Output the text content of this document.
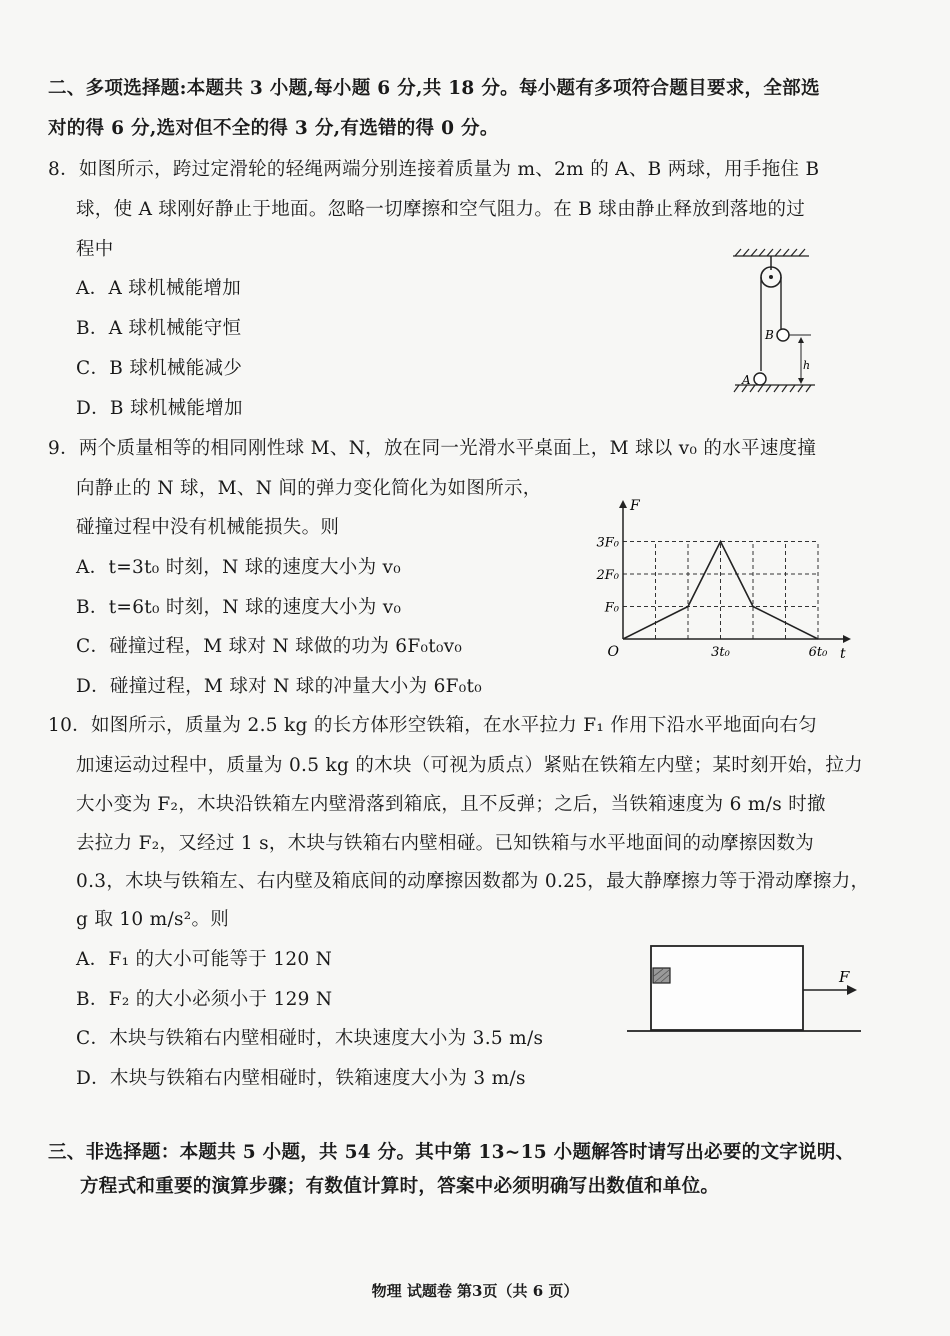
二、多项选择题:本题共 3 小题,每小题 6 分,共 18 分。每小题有多项符合题目要求，全部选
对的得 6 分,选对但不全的得 3 分,有选错的得 0 分。
8．如图所示，跨过定滑轮的轻绳两端分别连接着质量为 m、2m 的 A、B 两球，用手拖住 B
球，使 A 球刚好静止于地面。忽略一切摩擦和空气阻力。在 B 球由静止释放到落地的过
程中
A．A 球机械能增加
B．A 球机械能守恒
C．B 球机械能减少
D．B 球机械能增加
B
h
A
9．两个质量相等的相同刚性球 M、N，放在同一光滑水平桌面上，M 球以 v₀ 的水平速度撞
向静止的 N 球，M、N 间的弹力变化简化为如图所示，
碰撞过程中没有机械能损失。则
A．t=3t₀ 时刻，N 球的速度大小为 v₀
B．t=6t₀ 时刻，N 球的速度大小为 v₀
C．碰撞过程，M 球对 N 球做的功为 6F₀t₀v₀
D．碰撞过程，M 球对 N 球的冲量大小为 6F₀t₀
F
t
O
F₀
2F₀
3F₀
3t₀	6t₀
10．如图所示，质量为 2.5 kg 的长方体形空铁箱，在水平拉力 F₁ 作用下沿水平地面向右匀
加速运动过程中，质量为 0.5 kg 的木块（可视为质点）紧贴在铁箱左内壁；某时刻开始，拉力
大小变为 F₂，木块沿铁箱左内壁滑落到箱底，且不反弹；之后，当铁箱速度为 6 m/s 时撤
去拉力 F₂，又经过 1 s，木块与铁箱右内壁相碰。已知铁箱与水平地面间的动摩擦因数为
0.3，木块与铁箱左、右内壁及箱底间的动摩擦因数都为 0.25，最大静摩擦力等于滑动摩擦力，
g 取 10 m/s²。则
A．F₁ 的大小可能等于 120 N
B．F₂ 的大小必须小于 129 N
C．木块与铁箱右内壁相碰时，木块速度大小为 3.5 m/s
D．木块与铁箱右内壁相碰时，铁箱速度大小为 3 m/s
F
三、非选择题：本题共 5 小题，共 54 分。其中第 13~15 小题解答时请写出必要的文字说明、
方程式和重要的演算步骤；有数值计算时，答案中必须明确写出数值和单位。
物理 试题卷 第3页（共 6 页）
